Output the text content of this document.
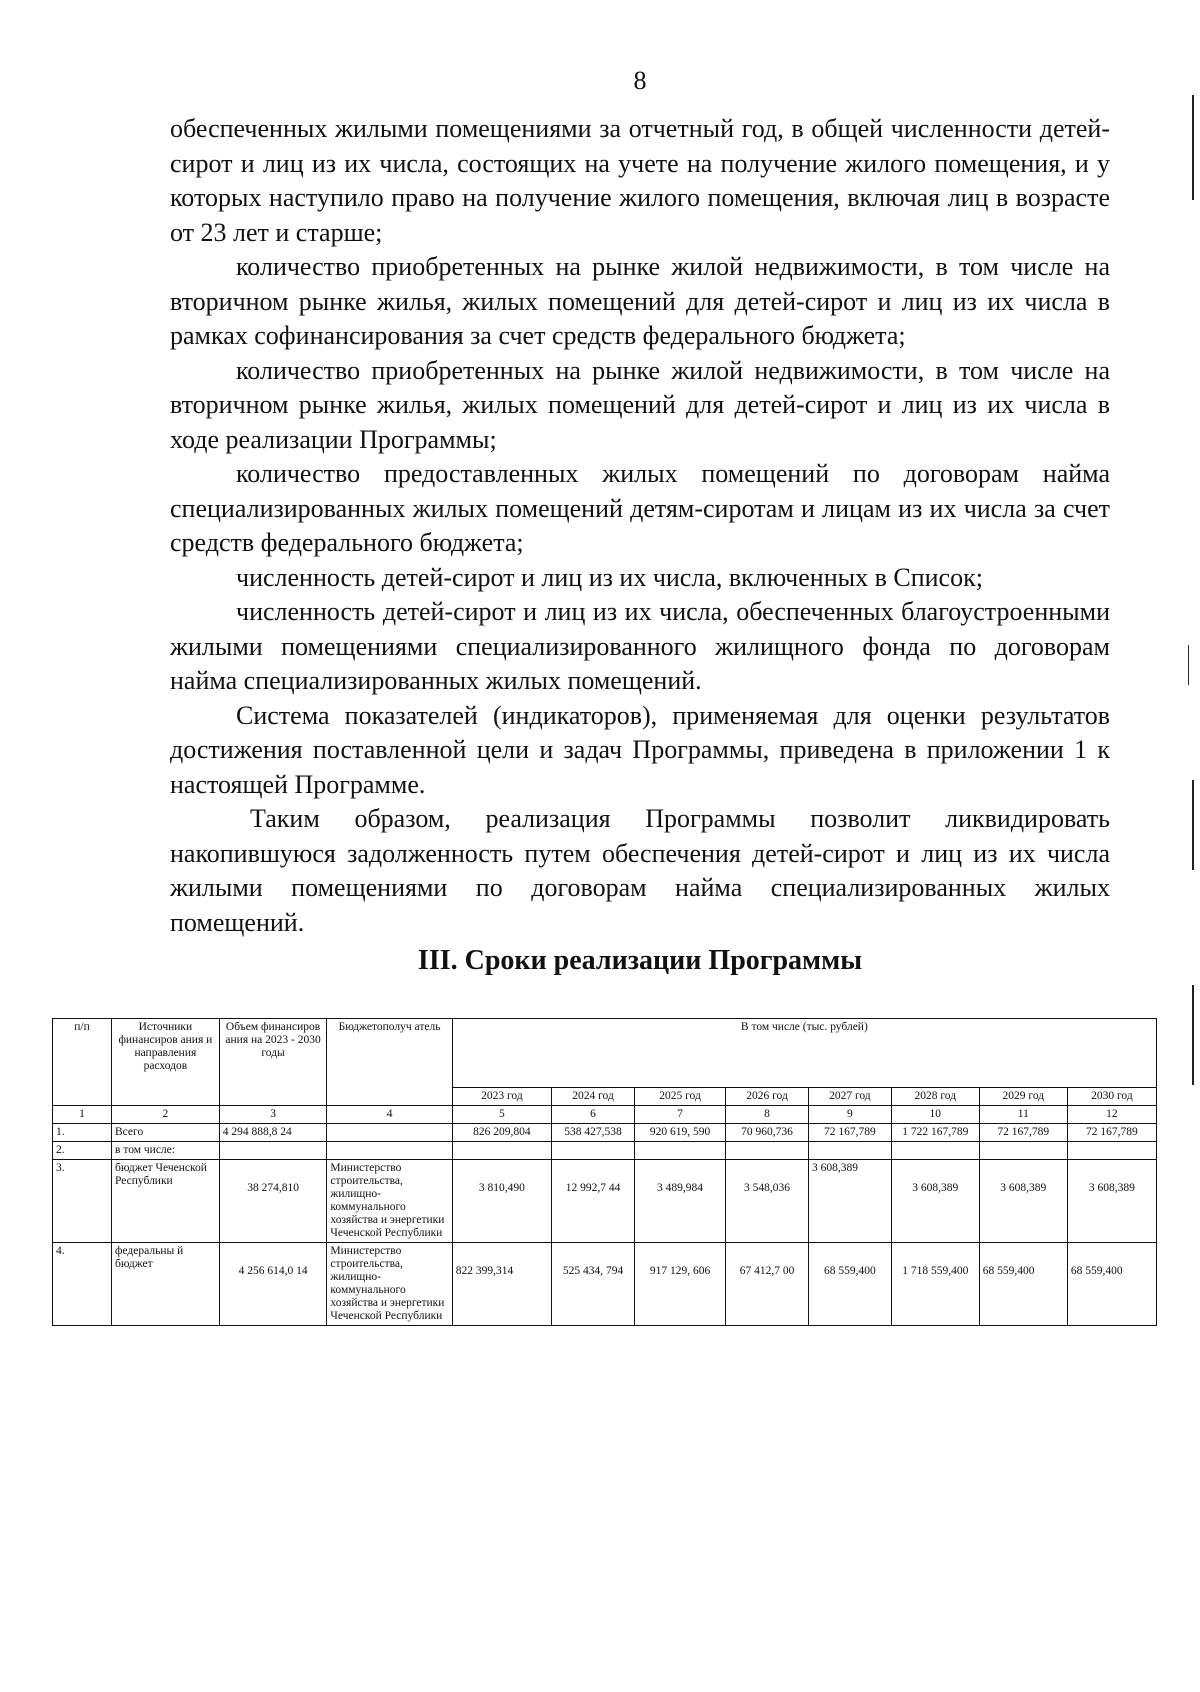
8

обеспеченных жилыми помещениями за отчетный год, в общей численности детей-сирот и лиц из их числа, состоящих на учете на получение жилого помещения, и у которых наступило право на получение жилого помещения, включая лиц в возрасте от 23 лет и старше;

количество приобретенных на рынке жилой недвижимости, в том числе на вторичном рынке жилья, жилых помещений для детей-сирот и лиц из их числа в рамках софинансирования за счет средств федерального бюджета;

количество приобретенных на рынке жилой недвижимости, в том числе на вторичном рынке жилья, жилых помещений для детей-сирот и лиц из их числа в ходе реализации Программы;

количество предоставленных жилых помещений по договорам найма специализированных жилых помещений детям-сиротам и лицам из их числа за счет средств федерального бюджета;

численность детей-сирот и лиц из их числа, включенных в Список;

численность детей-сирот и лиц из их числа, обеспеченных благоустроенными жилыми помещениями специализированного жилищного фонда по договорам найма специализированных жилых помещений.

Система показателей (индикаторов), применяемая для оценки результатов достижения поставленной цели и задач Программы, приведена в приложении 1 к настоящей Программе.

Таким образом, реализация Программы позволит ликвидировать накопившуюся задолженность путем обеспечения детей-сирот и лиц из их числа жилыми помещениями по договорам найма специализированных жилых помещений.

III. Сроки реализации Программы
п/п	Источники финансиров ания и направления расходов	Объем финансиров ания на 2023 - 2030 годы	Бюджетополуч атель	В том числе (тыс. рублей)							
				2023 год	2024 год	2025 год	2026 год	2027 год	2028 год	2029 год	2030 год
1	2	3	4	5	6	7	8	9	10	11	12
1.	Всего	4 294 888,8 24		826 209,804	538 427,538	920 619, 590	70 960,736	72 167,789	1 722 167,789	72 167,789	72 167,789
2.	в том числе:										
3.	бюджет Чеченской Республики	38 274,810	Министерство строительства, жилищно-коммунального хозяйства и энергетики Чеченской Республики	3 810,490	12 992,7 44	3 489,984	3 548,036	3 608,389	3 608,389	3 608,389	3 608,389
4.	федеральны й бюджет	4 256 614,0 14	Министерство строительства, жилищно-коммунального хозяйства и энергетики Чеченской Республики	822 399,314	525 434, 794	917 129, 606	67 412,7 00	68 559,400	1 718 559,400	68 559,400	68 559,400
